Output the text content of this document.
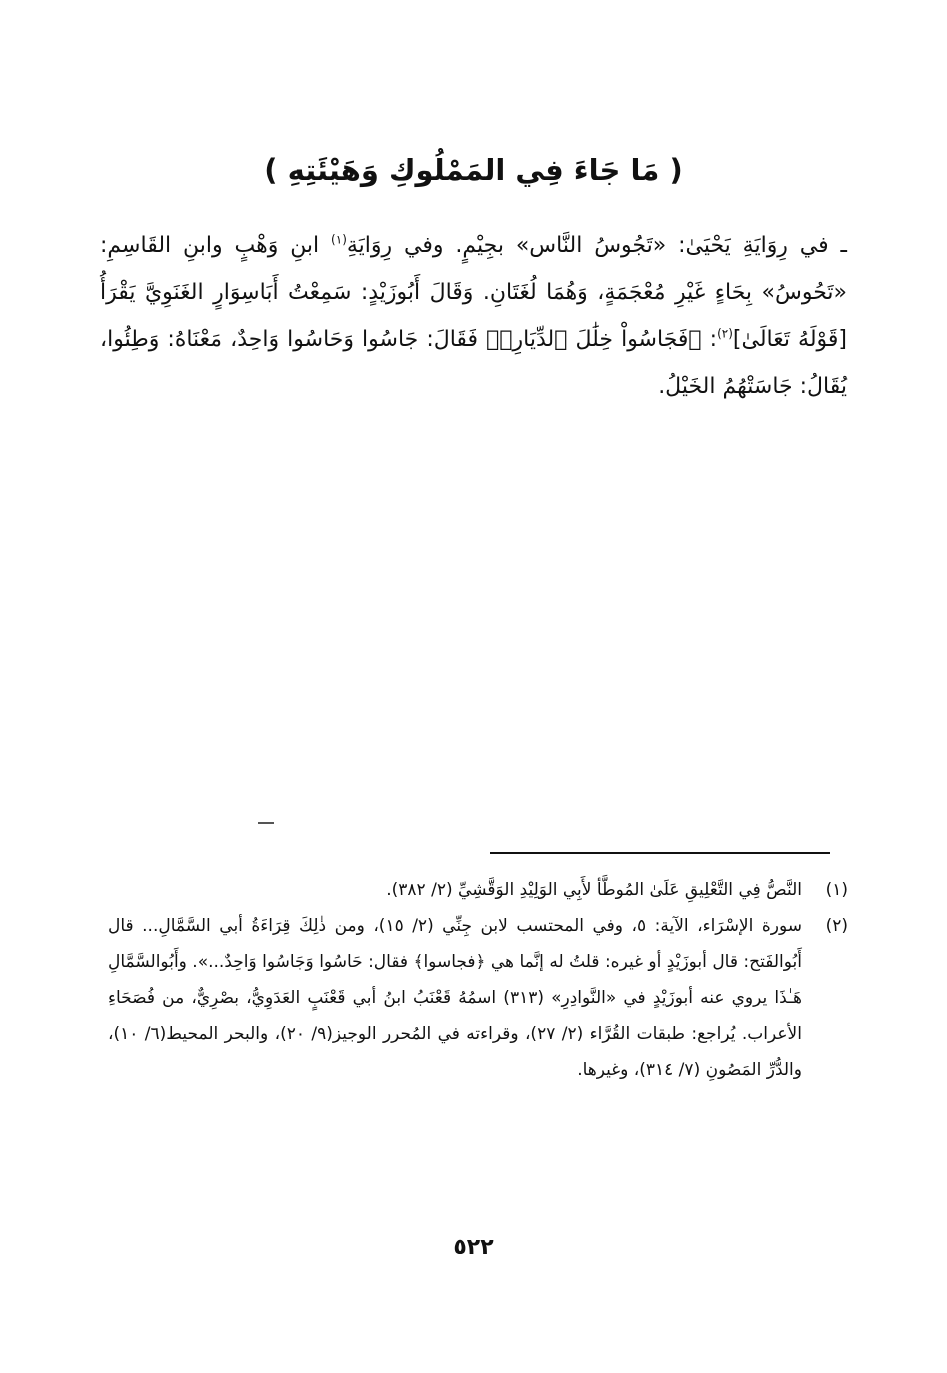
( مَا جَاءَ فِي المَمْلُوكِ وَهَيْئَتِهِ )

ـ في رِوَايَةِ يَحْيَىٰ: «تَجُوسُ النَّاس» بجِيْمٍ. وفي رِوَايَةِ$^{(١)}$ ابنِ وَهْبٍ وابنِ القَاسِمِ: «تَحُوسُ» بِحَاءٍ غَيْرِ مُعْجَمَةٍ، وَهُمَا لُغَتَانِ. وَقَالَ أَبُوزَيْدٍ: سَمِعْتُ أَبَاسِوَارٍ الغَنَوِيَّ يَقْرَأُ [قَوْلَهُ تَعَالَىٰ]$^{(٢)}$: ﴿فَجَاسُواْ خِلَٰلَ ٱلدِّيَارِۚ﴾ فَقَالَ: جَاسُوا وَحَاسُوا وَاحِدٌ، مَعْنَاهُ: وَطِئُوا، يُقَالُ: جَاسَتْهُمُ الخَيْلُ.

(١)
النَّصُّ فِي التَّعْلِيقِ عَلَىٰ المُوطَّأ لأَبِي الوَلِيْدِ الوَقَّشِيِّ (٢/ ٣٨٢).
(٢)
سورة الإسْرَاء، الآية: ٥، وفي المحتسب لابن جِنِّي (٢/ ١٥)، ومن ذٰلِكَ قِرَاءَةُ أبي السَّمَّالِ... قال أَبُوالفَتح: قال أبوزَيْدٍ أو غيره: قلتُ له إنَّما هي ﴿فجاسوا﴾ فقال: حَاسُوا وَجَاسُوا وَاحِدٌ...». وأَبُوالسَّمَّالِ هَـٰذَا يروي عنه أبوزَيْدٍ في «النَّوادِرِ» (٣١٣) اسمُهُ قَعْنَبُ ابنُ أبي قَعْنَبٍ العَدَوِيُّ، بصْرِيٌّ، من فُصَحَاءِ الأعراب. يُراجع: طبقات القُرَّاء (٢/ ٢٧)، وقراءته في المُحرر الوجيز(٩/ ٢٠)، والبحر المحيط(٦/ ١٠)، والدُّرِّ المَصُونِ (٧/ ٣١٤)، وغيرها.
٥٢٢
